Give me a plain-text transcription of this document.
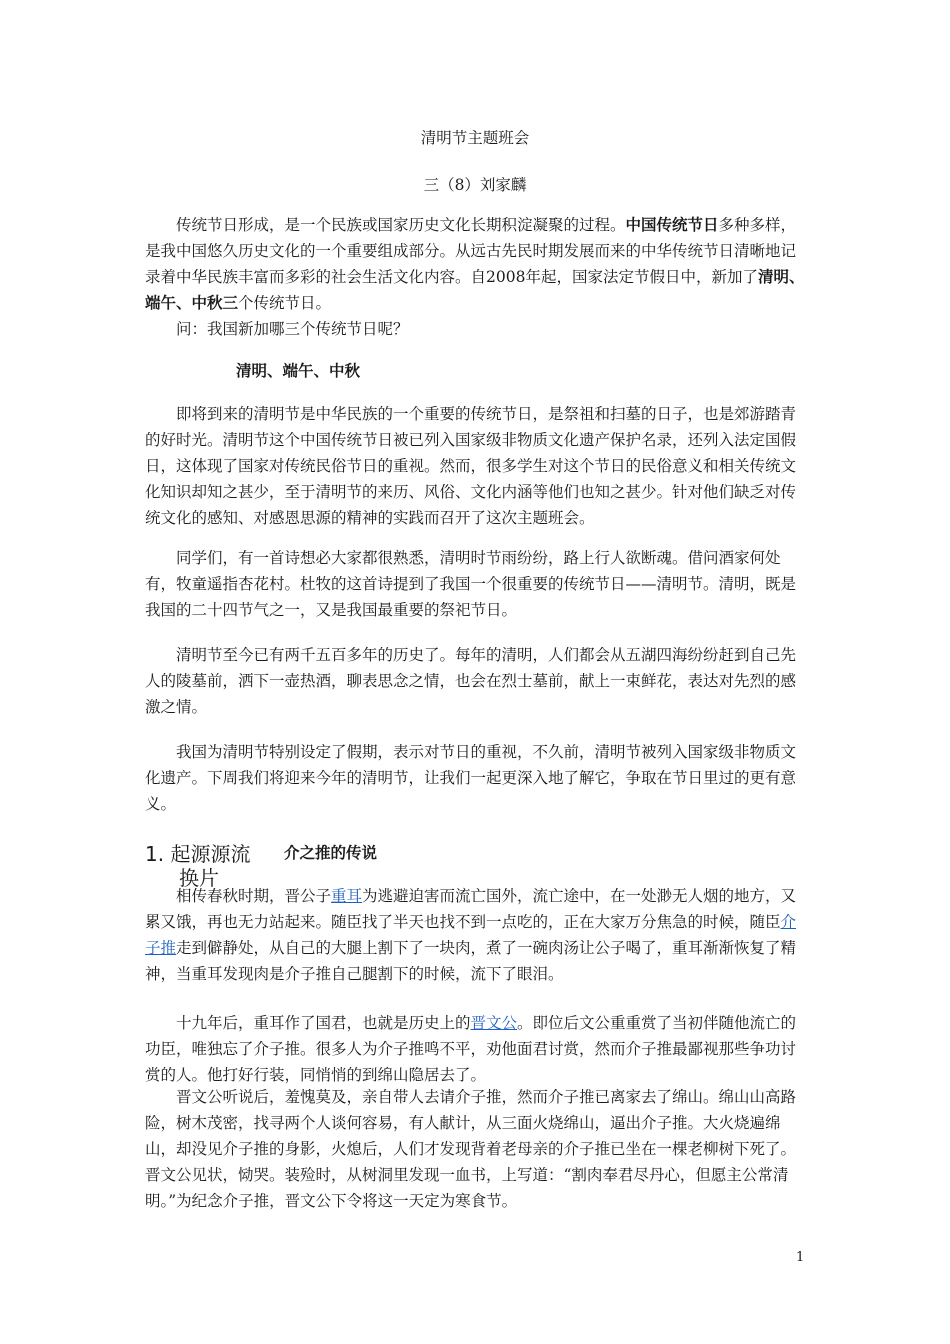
清明节主题班会
三（8）刘家麟
传统节日形成，是一个民族或国家历史文化长期积淀凝聚的过程。中国传统节日多种多样，是我中国悠久历史文化的一个重要组成部分。从远古先民时期发展而来的中华传统节日清晰地记录着中华民族丰富而多彩的社会生活文化内容。自2008年起，国家法定节假日中，新加了清明、端午、中秋三个传统节日。
问：我国新加哪三个传统节日呢？
清明、端午、中秋
即将到来的清明节是中华民族的一个重要的传统节日，是祭祖和扫墓的日子，也是郊游踏青的好时光。清明节这个中国传统节日被已列入国家级非物质文化遗产保护名录，还列入法定国假日，这体现了国家对传统民俗节日的重视。然而，很多学生对这个节日的民俗意义和相关传统文化知识却知之甚少，至于清明节的来历、风俗、文化内涵等他们也知之甚少。针对他们缺乏对传统文化的感知、对感恩思源的精神的实践而召开了这次主题班会。
同学们，有一首诗想必大家都很熟悉，清明时节雨纷纷，路上行人欲断魂。借问酒家何处有，牧童遥指杏花村。杜牧的这首诗提到了我国一个很重要的传统节日——清明节。清明，既是我国的二十四节气之一，又是我国最重要的祭祀节日。
清明节至今已有两千五百多年的历史了。每年的清明，人们都会从五湖四海纷纷赶到自己先人的陵墓前，洒下一壶热酒，聊表思念之情，也会在烈士墓前，献上一束鲜花，表达对先烈的感激之情。
我国为清明节特别设定了假期，表示对节日的重视，不久前，清明节被列入国家级非物质文化遗产。下周我们将迎来今年的清明节，让我们一起更深入地了解它，争取在节日里过的更有意义。
1. 起源源流 介之推的传说
换片
相传春秋时期，晋公子重耳为逃避迫害而流亡国外，流亡途中，在一处渺无人烟的地方，又累又饿，再也无力站起来。随臣找了半天也找不到一点吃的，正在大家万分焦急的时候，随臣介子推走到僻静处，从自己的大腿上割下了一块肉，煮了一碗肉汤让公子喝了，重耳渐渐恢复了精神，当重耳发现肉是介子推自己腿割下的时候，流下了眼泪。
十九年后，重耳作了国君，也就是历史上的晋文公。即位后文公重重赏了当初伴随他流亡的功臣，唯独忘了介子推。很多人为介子推鸣不平，劝他面君讨赏，然而介子推最鄙视那些争功讨赏的人。他打好行装，同悄悄的到绵山隐居去了。
晋文公听说后，羞愧莫及，亲自带人去请介子推，然而介子推已离家去了绵山。绵山山高路险，树木茂密，找寻两个人谈何容易，有人献计，从三面火烧绵山，逼出介子推。大火烧遍绵山，却没见介子推的身影，火熄后，人们才发现背着老母亲的介子推已坐在一棵老柳树下死了。晋文公见状，恸哭。装殓时，从树洞里发现一血书，上写道：“割肉奉君尽丹心，但愿主公常清明。”为纪念介子推，晋文公下令将这一天定为寒食节。
1
